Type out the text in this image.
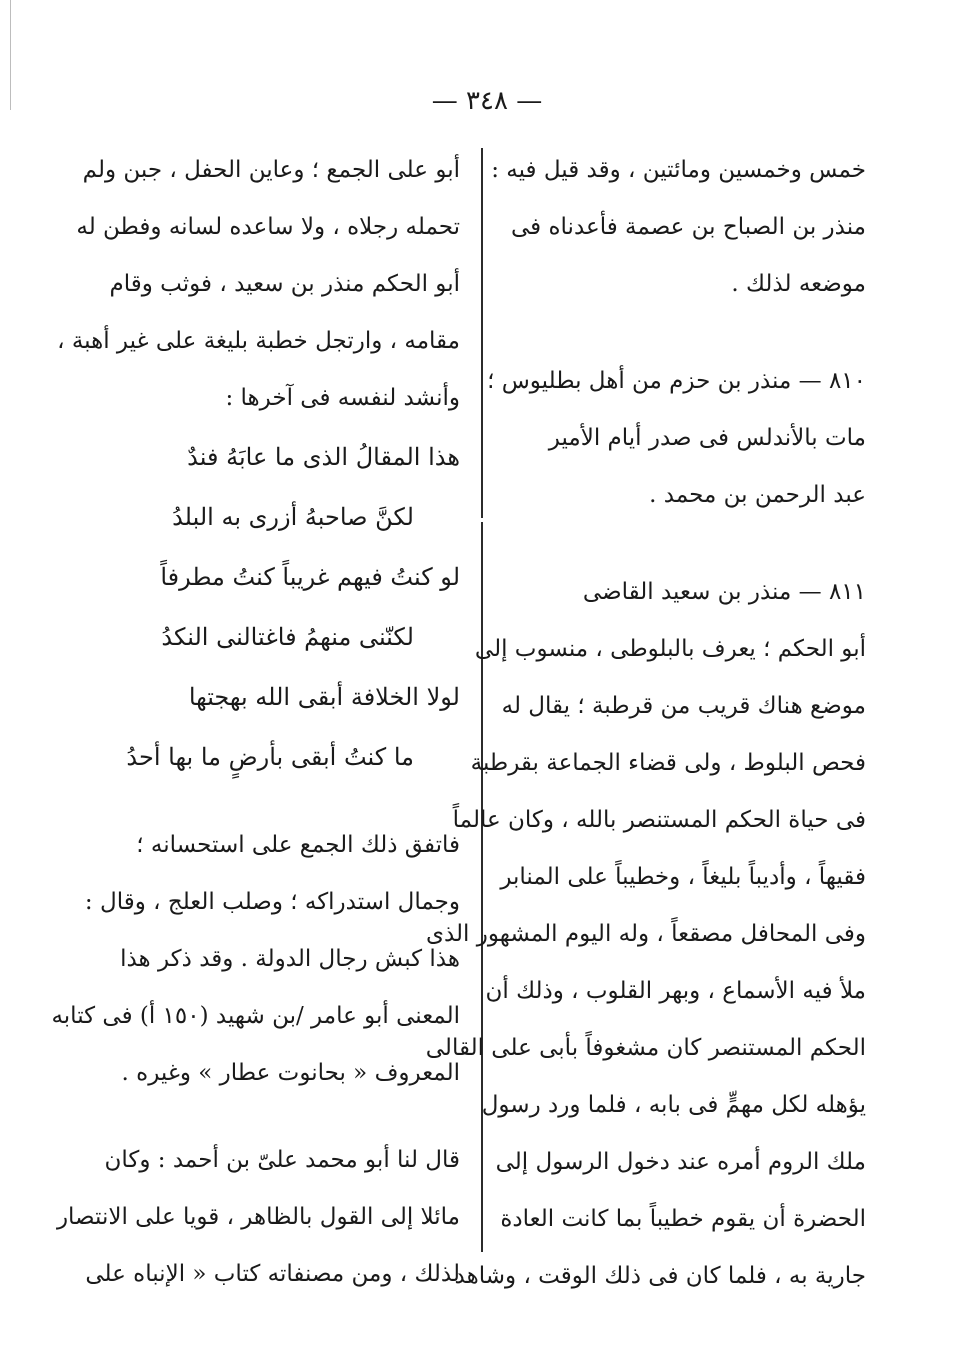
— ٣٤٨ —
خمس وخمسين ومائتين ، وقد قيل فيه :
منذر بن الصباح بن عصمة فأعدناه فى
موضعه لذلك .
٨١٠ — منذر بن حزم من أهل بطليوس ؛
مات بالأندلس فى صدر أيام الأمير
عبد الرحمن بن محمد .
٨١١ — منذر بن سعيد القاضى
أبو الحكم ؛ يعرف بالبلوطى ، منسوب إلى
موضع هناك قريب من قرطبة ؛ يقال له
فحص البلوط ، ولى قضاء الجماعة بقرطبة
فى حياة الحكم المستنصر بالله ، وكان عالماً
فقيهاً ، وأديباً بليغاً ، وخطيباً على المنابر
وفى المحافل مصقعاً ، وله اليوم المشهور الذى
ملأ فيه الأسماع ، وبهر القلوب ، وذلك أن
الحكم المستنصر كان مشغوفاً بأبى على القالى
يؤهله لكل مهمٍّ فى بابه ، فلما ورد رسول
ملك الروم أمره عند دخول الرسول إلى
الحضرة أن يقوم خطيباً بما كانت العادة
جارية به ، فلما كان فى ذلك الوقت ، وشاهد
أبو على الجمع ؛ وعاين الحفل ، جبن ولم
تحمله رجلاه ، ولا ساعده لسانه وفطن له
أبو الحكم منذر بن سعيد ، فوثب وقام
مقامه ، وارتجل خطبة بليغة على غير أهبة ،
وأنشد لنفسه فى آخرها :
هذا المقالُ الذى ما عابَهُ فندٌ
لكنَّ صاحبهُ أزرى به البلدُ
لو كنتُ فيهم غريباً كنتُ مطرفاً
لكنّنى منهمُ فاغتالنى النكدُ
لولا الخلافة أبقى الله بهجتها
ما كنتُ أبقى بأرضٍ ما بها أحدُ
فاتفق ذلك الجمع على استحسانه ؛
وجمال استدراكه ؛ وصلب العلج ، وقال :
هذا كبش رجال الدولة . وقد ذكر هذا
المعنى أبو عامر /بن شهيد (١٥٠ أ) فى كتابه
المعروف « بحانوت عطار » وغيره .
قال لنا أبو محمد علىّ بن أحمد : وكان
مائلا إلى القول بالظاهر ، قويا على الانتصار
لذلك ، ومن مصنفاته كتاب « الإنباه على
